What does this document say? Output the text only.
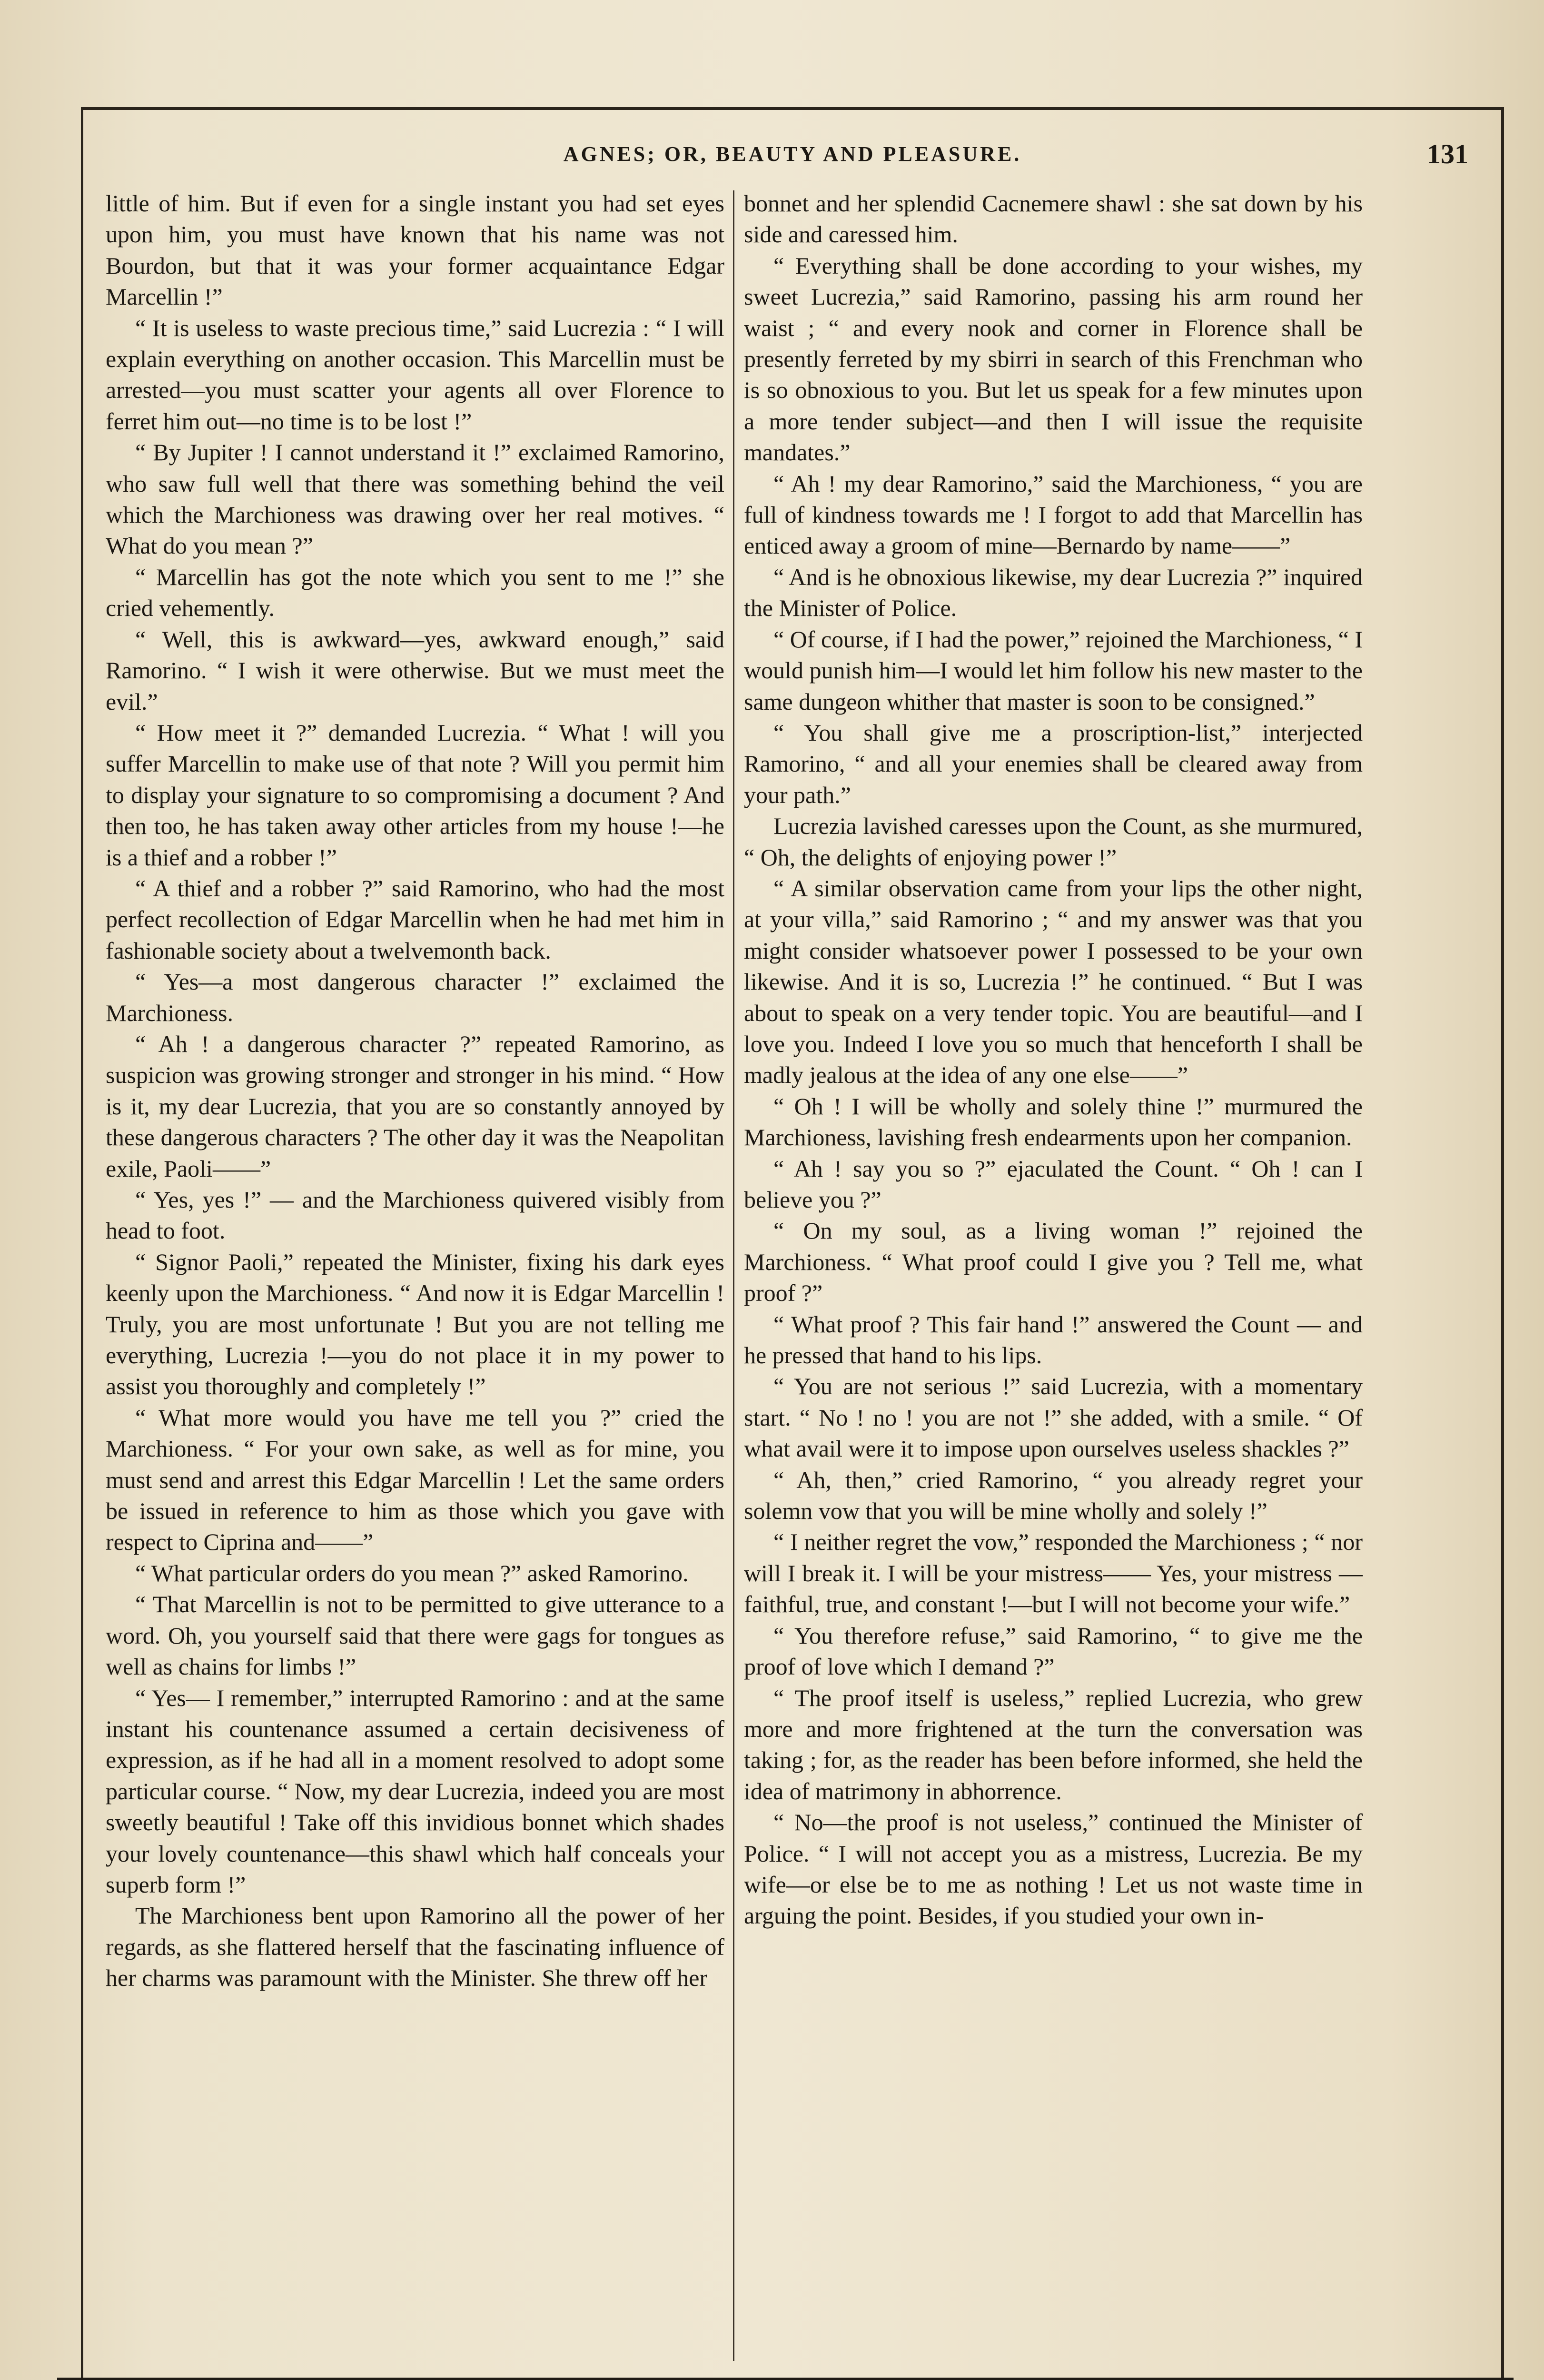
AGNES; OR, BEAUTY AND PLEASURE.	131

little of him. But if even for a single instant you had set eyes upon him, you must have known that his name was not Bourdon, but that it was your former acquaintance Edgar Marcellin !”

“ It is useless to waste precious time,” said Lucrezia : “ I will explain everything on another occasion. This Marcellin must be arrested—you must scatter your agents all over Florence to ferret him out—no time is to be lost !”

“ By Jupiter ! I cannot understand it !” exclaimed Ramorino, who saw full well that there was something behind the veil which the Marchioness was drawing over her real motives. “ What do you mean ?”

“ Marcellin has got the note which you sent to me !” she cried vehemently.

“ Well, this is awkward—yes, awkward enough,” said Ramorino. “ I wish it were otherwise. But we must meet the evil.”

“ How meet it ?” demanded Lucrezia. “ What ! will you suffer Marcellin to make use of that note ? Will you permit him to display your signature to so compromising a document ? And then too, he has taken away other articles from my house !—he is a thief and a robber !”

“ A thief and a robber ?” said Ramorino, who had the most perfect recollection of Edgar Marcellin when he had met him in fashionable society about a twelvemonth back.

“ Yes—a most dangerous character !” exclaimed the Marchioness.

“ Ah ! a dangerous character ?” repeated Ramorino, as suspicion was growing stronger and stronger in his mind. “ How is it, my dear Lucrezia, that you are so constantly annoyed by these dangerous characters ? The other day it was the Neapolitan exile, Paoli——”

“ Yes, yes !” — and the Marchioness quivered visibly from head to foot.

“ Signor Paoli,” repeated the Minister, fixing his dark eyes keenly upon the Marchioness. “ And now it is Edgar Marcellin ! Truly, you are most unfortunate ! But you are not telling me everything, Lucrezia !—you do not place it in my power to assist you thoroughly and completely !”

“ What more would you have me tell you ?” cried the Marchioness. “ For your own sake, as well as for mine, you must send and arrest this Edgar Marcellin ! Let the same orders be issued in reference to him as those which you gave with respect to Ciprina and——”

“ What particular orders do you mean ?” asked Ramorino.

“ That Marcellin is not to be permitted to give utterance to a word. Oh, you yourself said that there were gags for tongues as well as chains for limbs !”

“ Yes— I remember,” interrupted Ramorino : and at the same instant his countenance assumed a certain decisiveness of expression, as if he had all in a moment resolved to adopt some particular course. “ Now, my dear Lucrezia, indeed you are most sweetly beautiful ! Take off this invidious bonnet which shades your lovely countenance—this shawl which half conceals your superb form !”

The Marchioness bent upon Ramorino all the power of her regards, as she flattered herself that the fascinating influence of her charms was paramount with the Minister. She threw off her

bonnet and her splendid Cacnemere shawl : she sat down by his side and caressed him.

“ Everything shall be done according to your wishes, my sweet Lucrezia,” said Ramorino, passing his arm round her waist ; “ and every nook and corner in Florence shall be presently ferreted by my sbirri in search of this Frenchman who is so obnoxious to you. But let us speak for a few minutes upon a more tender subject—and then I will issue the requisite mandates.”

“ Ah ! my dear Ramorino,” said the Marchioness, “ you are full of kindness towards me ! I forgot to add that Marcellin has enticed away a groom of mine—Bernardo by name——”

“ And is he obnoxious likewise, my dear Lucrezia ?” inquired the Minister of Police.

“ Of course, if I had the power,” rejoined the Marchioness, “ I would punish him—I would let him follow his new master to the same dungeon whither that master is soon to be consigned.”

“ You shall give me a proscription-list,” interjected Ramorino, “ and all your enemies shall be cleared away from your path.”

Lucrezia lavished caresses upon the Count, as she murmured, “ Oh, the delights of enjoying power !”

“ A similar observation came from your lips the other night, at your villa,” said Ramorino ; “ and my answer was that you might consider whatsoever power I possessed to be your own likewise. And it is so, Lucrezia !” he continued. “ But I was about to speak on a very tender topic. You are beautiful—and I love you. Indeed I love you so much that henceforth I shall be madly jealous at the idea of any one else——”

“ Oh ! I will be wholly and solely thine !” murmured the Marchioness, lavishing fresh endearments upon her companion.

“ Ah ! say you so ?” ejaculated the Count. “ Oh ! can I believe you ?”

“ On my soul, as a living woman !” rejoined the Marchioness. “ What proof could I give you ? Tell me, what proof ?”

“ What proof ? This fair hand !” answered the Count — and he pressed that hand to his lips.

“ You are not serious !” said Lucrezia, with a momentary start. “ No ! no ! you are not !” she added, with a smile. “ Of what avail were it to impose upon ourselves useless shackles ?”

“ Ah, then,” cried Ramorino, “ you already regret your solemn vow that you will be mine wholly and solely !”

“ I neither regret the vow,” responded the Marchioness ; “ nor will I break it. I will be your mistress—— Yes, your mistress — faithful, true, and constant !—but I will not become your wife.”

“ You therefore refuse,” said Ramorino, “ to give me the proof of love which I demand ?”

“ The proof itself is useless,” replied Lucrezia, who grew more and more frightened at the turn the conversation was taking ; for, as the reader has been before informed, she held the idea of matrimony in abhorrence.

“ No—the proof is not useless,” continued the Minister of Police. “ I will not accept you as a mistress, Lucrezia. Be my wife—or else be to me as nothing ! Let us not waste time in arguing the point. Besides, if you studied your own in-
